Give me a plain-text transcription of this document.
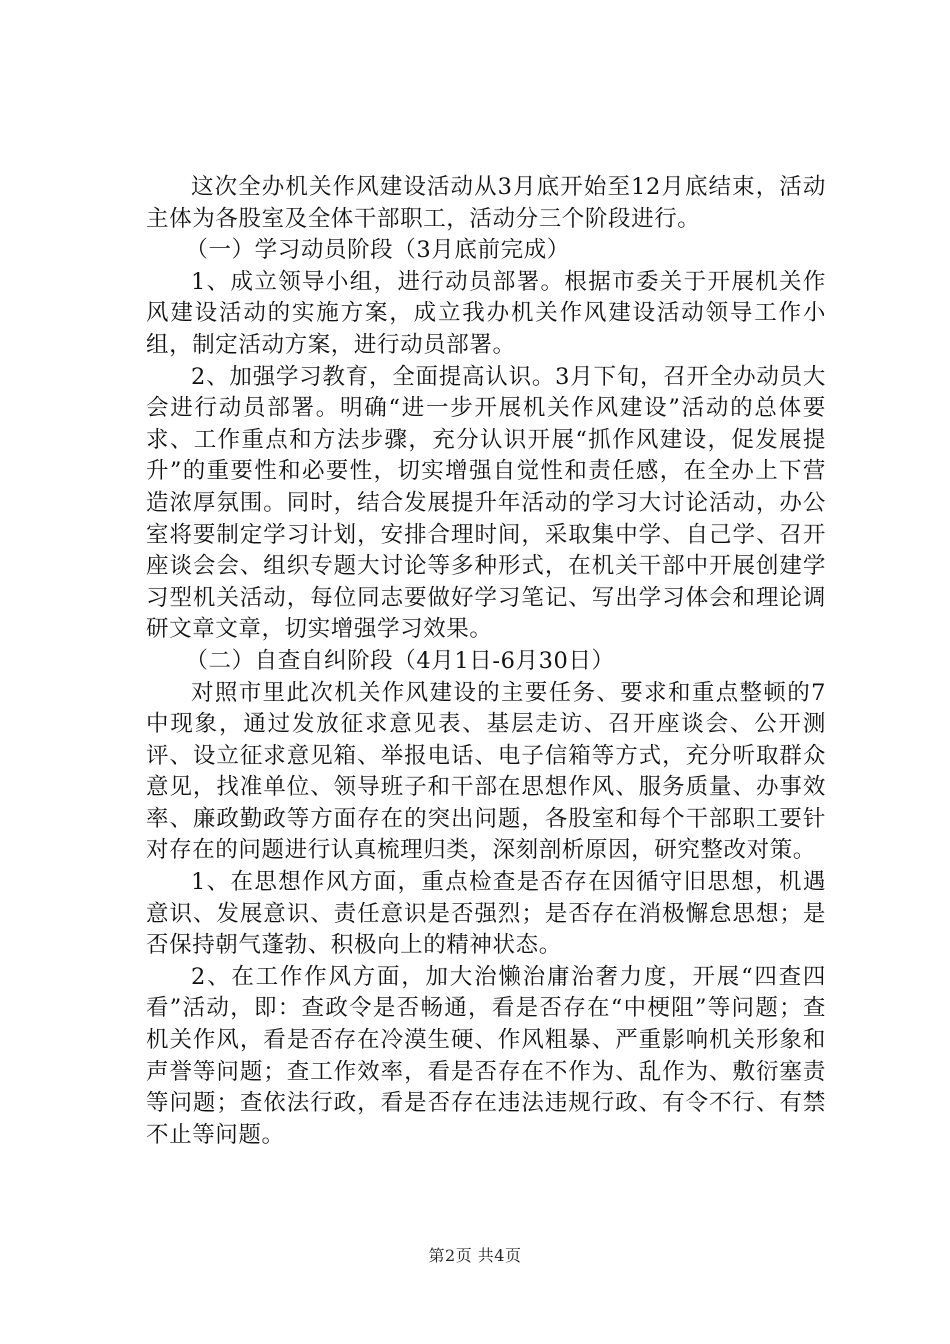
这次全办机关作风建设活动从3月底开始至12月底结束，活动主体为各股室及全体干部职工，活动分三个阶段进行。

（一）学习动员阶段（3月底前完成）

1、成立领导小组，进行动员部署。根据市委关于开展机关作风建设活动的实施方案，成立我办机关作风建设活动领导工作小组，制定活动方案，进行动员部署。

2、加强学习教育，全面提高认识。3月下旬，召开全办动员大会进行动员部署。明确“进一步开展机关作风建设”活动的总体要求、工作重点和方法步骤，充分认识开展“抓作风建设，促发展提升”的重要性和必要性，切实增强自觉性和责任感，在全办上下营造浓厚氛围。同时，结合发展提升年活动的学习大讨论活动，办公室将要制定学习计划，安排合理时间，采取集中学、自己学、召开座谈会会、组织专题大讨论等多种形式，在机关干部中开展创建学习型机关活动，每位同志要做好学习笔记、写出学习体会和理论调研文章文章，切实增强学习效果。

（二）自查自纠阶段（4月1日-6月30日）

对照市里此次机关作风建设的主要任务、要求和重点整顿的7中现象，通过发放征求意见表、基层走访、召开座谈会、公开测评、设立征求意见箱、举报电话、电子信箱等方式，充分听取群众意见，找准单位、领导班子和干部在思想作风、服务质量、办事效率、廉政勤政等方面存在的突出问题，各股室和每个干部职工要针对存在的问题进行认真梳理归类，深刻剖析原因，研究整改对策。

1、在思想作风方面，重点检查是否存在因循守旧思想，机遇意识、发展意识、责任意识是否强烈；是否存在消极懈怠思想；是否保持朝气蓬勃、积极向上的精神状态。

2、在工作作风方面，加大治懒治庸治奢力度，开展“四查四看”活动，即：查政令是否畅通，看是否存在“中梗阻”等问题；查机关作风，看是否存在冷漠生硬、作风粗暴、严重影响机关形象和声誉等问题；查工作效率，看是否存在不作为、乱作为、敷衍塞责等问题；查依法行政，看是否存在违法违规行政、有令不行、有禁不止等问题。

第2页 共4页
